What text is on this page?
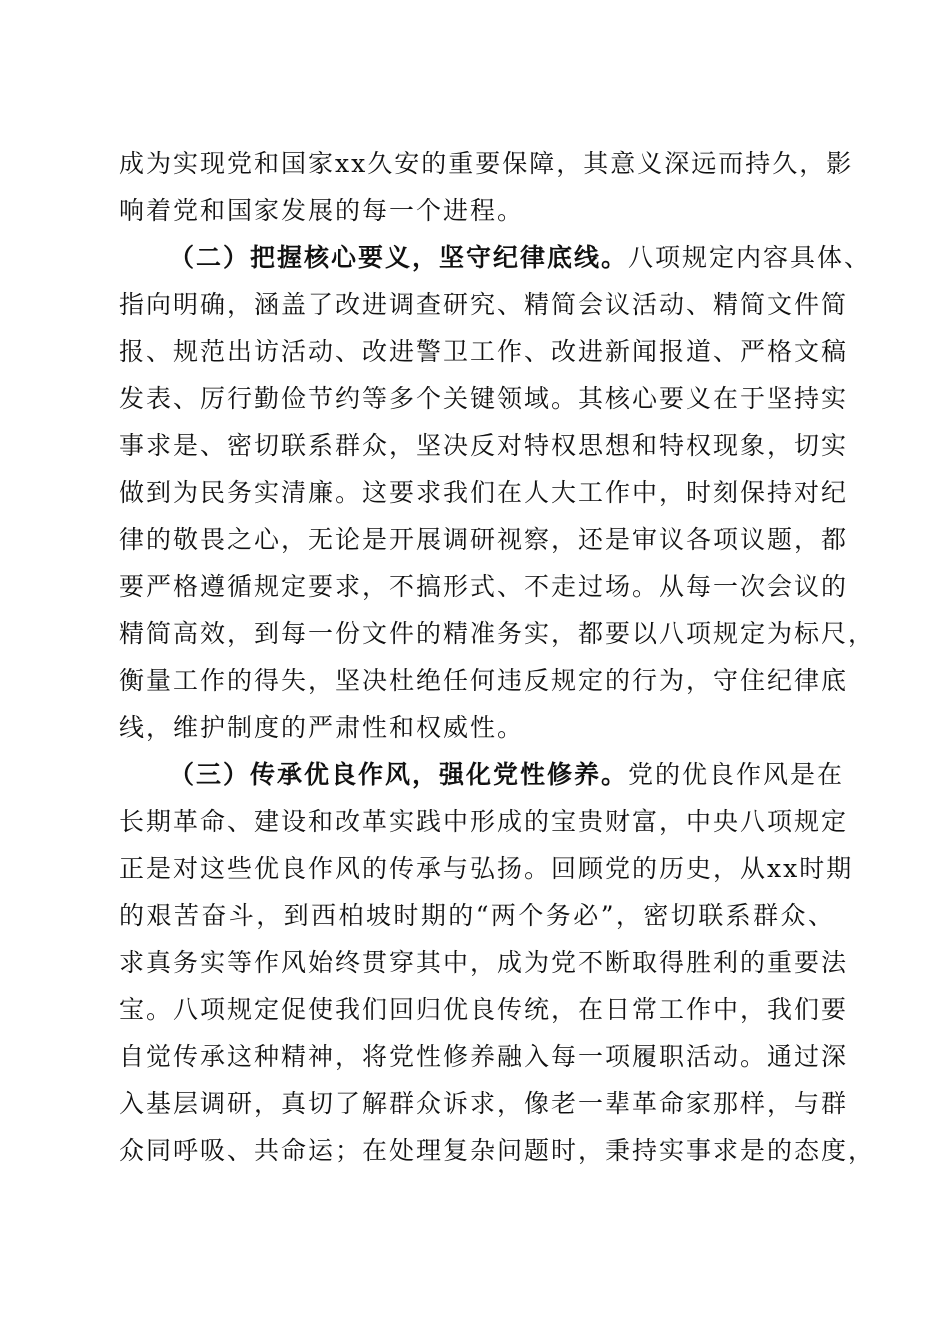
成为实现党和国家xx久安的重要保障，其意义深远而持久，影
响着党和国家发展的每一个进程。
（二）把握核心要义，坚守纪律底线。八项规定内容具体、
指向明确，涵盖了改进调查研究、精简会议活动、精简文件简
报、规范出访活动、改进警卫工作、改进新闻报道、严格文稿
发表、厉行勤俭节约等多个关键领域。其核心要义在于坚持实
事求是、密切联系群众，坚决反对特权思想和特权现象，切实
做到为民务实清廉。这要求我们在人大工作中，时刻保持对纪
律的敬畏之心，无论是开展调研视察，还是审议各项议题，都
要严格遵循规定要求，不搞形式、不走过场。从每一次会议的
精简高效，到每一份文件的精准务实，都要以八项规定为标尺，
衡量工作的得失，坚决杜绝任何违反规定的行为，守住纪律底
线，维护制度的严肃性和权威性。
（三）传承优良作风，强化党性修养。党的优良作风是在
长期革命、建设和改革实践中形成的宝贵财富，中央八项规定
正是对这些优良作风的传承与弘扬。回顾党的历史，从xx时期
的艰苦奋斗，到西柏坡时期的“两个务必”，密切联系群众、
求真务实等作风始终贯穿其中，成为党不断取得胜利的重要法
宝。八项规定促使我们回归优良传统，在日常工作中，我们要
自觉传承这种精神，将党性修养融入每一项履职活动。通过深
入基层调研，真切了解群众诉求，像老一辈革命家那样，与群
众同呼吸、共命运；在处理复杂问题时，秉持实事求是的态度，
